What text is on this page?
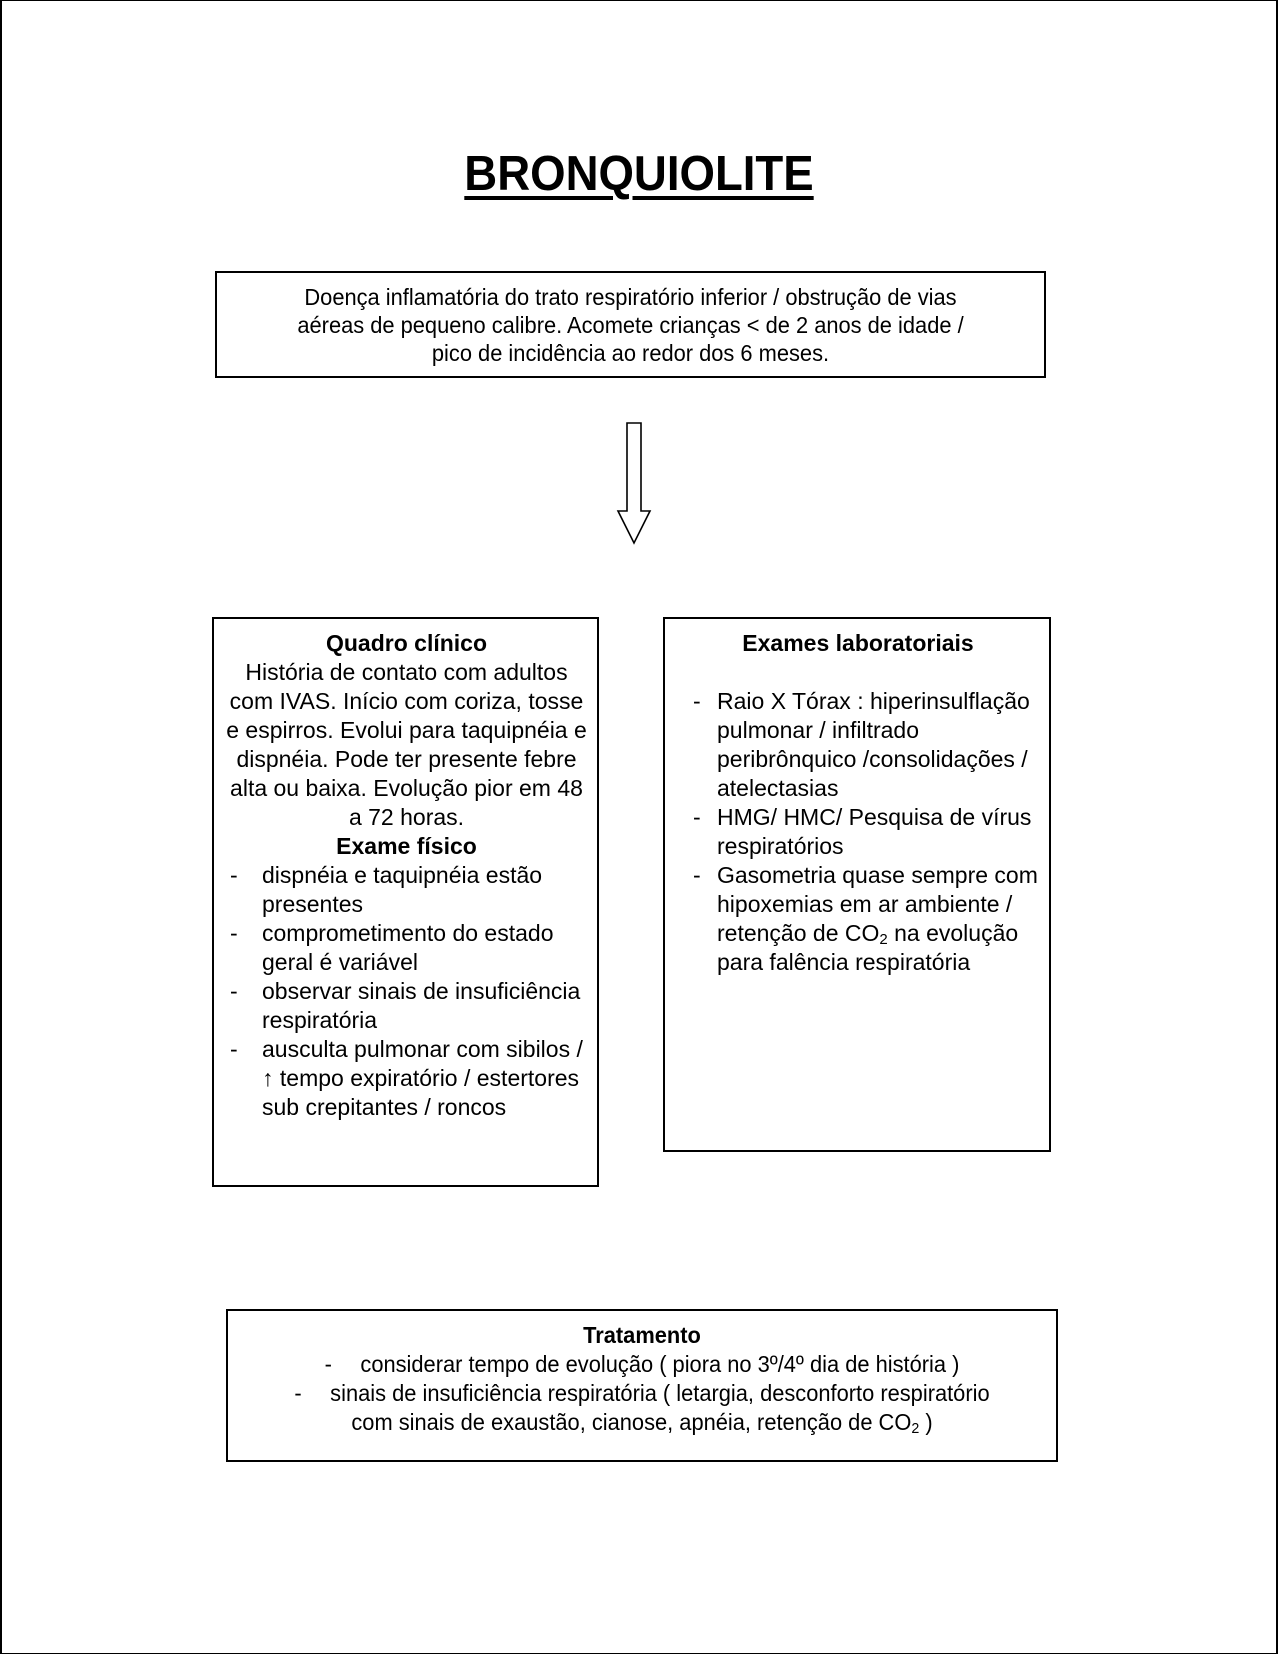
BRONQUIOLITE
Doença inflamatória do trato respiratório inferior / obstrução de vias
aéreas de pequeno calibre. Acomete crianças < de 2 anos de idade /
pico de incidência ao redor dos 6 meses.
Quadro clínico
História de contato com adultos com IVAS. Início com coriza, tosse e espirros. Evolui para taquipnéia e dispnéia. Pode ter presente febre alta ou baixa. Evolução pior em 48 a 72 horas.
Exame físico
- dispnéia e taquipnéia estão presentes
- comprometimento do estado geral é variável
- observar sinais de insuficiência respiratória
- ausculta pulmonar com sibilos / ↑ tempo expiratório / estertores sub crepitantes / roncos
Exames laboratoriais
- Raio X Tórax : hiperinsulflação pulmonar / infiltrado peribrônquico /consolidações / atelectasias
- HMG/ HMC/ Pesquisa de vírus respiratórios
- Gasometria quase sempre com hipoxemias em ar ambiente / retenção de $CO_2$ na evolução para falência respiratória
Tratamento
- considerar tempo de evolução ( piora no 3º/4º dia de história )
- sinais de insuficiência respiratória ( letargia, desconforto respiratório
com sinais de exaustão, cianose, apnéia, retenção de $CO_2$ )
